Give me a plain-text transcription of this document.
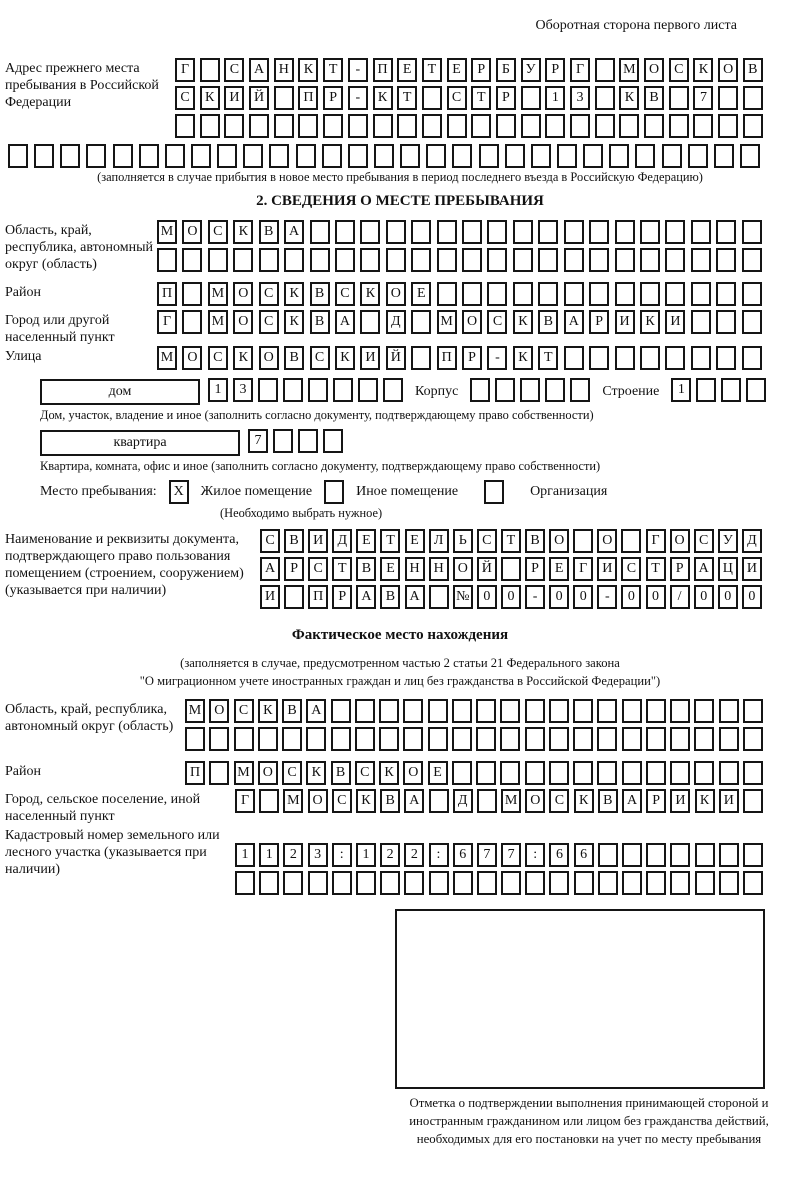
Оборотная сторона первого листа
Адрес прежнего места пребывания в Российской Федерации
Г	С	А	Н	К	Т	-	П	Е	Т	Е	Р	Б	У	Р	Г	М О	С	К	О	В
С	К	И	Й	П	Р	-	К	Т	С	Т	Р	1	3	К	В	7
(заполняется в случае прибытия в новое место пребывания в период последнего въезда в Российскую Федерацию)
2. СВЕДЕНИЯ О МЕСТЕ ПРЕБЫВАНИЯ
Область, край, республика, автономный округ (область)
М	О	С	К	В	А
Район	П	М	О	С	К	В	С	К	О	Е
Город или другой населенный пункт
Г	М	О	С	К	В	А	Д	М	О	С	К	В	А	Р	И	К	И
Улица	М	О	С	К	О	В	С	К	И	Й	П	Р	-	К	Т
дом	1	3	Корпус	Строение	1
Дом, участок, владение и иное (заполнить согласно документу, подтверждающему право собственности)
квартира	7
Квартира, комната, офис и иное (заполнить согласно документу, подтверждающему право собственности)
Место пребывания:	X	Жилое помещение	Иное помещение	Организация
(Необходимо выбрать нужное)
Наименование и реквизиты документа, подтверждающего право пользования помещением (строением, сооружением) (указывается при наличии)
С	В	И	Д	Е	Т	Е	Л	Ь	С	Т	В	О	О	Г	О	С	У	Д
А	Р	С	Т	В	Е	Н Н О Й	Р	Е	Г	И	С	Т	Р	А Ц И
И	П	Р	А	В	А	№ 0	0	-	0	0	-	0	0	/	0	0	0
Фактическое место нахождения
(заполняется в случае, предусмотренном частью 2 статьи 21 Федерального закона
"О миграционном учете иностранных граждан и лиц без гражданства в Российской Федерации")
Область, край, республика, автономный округ (область)
М О	С	К	В	А
Район	П	М О	С	К	В	С	К	О	Е
Город, сельское поселение, иной населенный пункт
Г	М О	С	К	В	А	Д	М О	С	К	В	А	Р	И	К	И
Кадастровый номер земельного или лесного участка (указывается при наличии)
1	1	2	3	:	1	2	2	:	6	7	7	:	6	6
Отметка о подтверждении выполнения принимающей стороной и иностранным гражданином или лицом без гражданства действий, необходимых для его постановки на учет по месту пребывания
